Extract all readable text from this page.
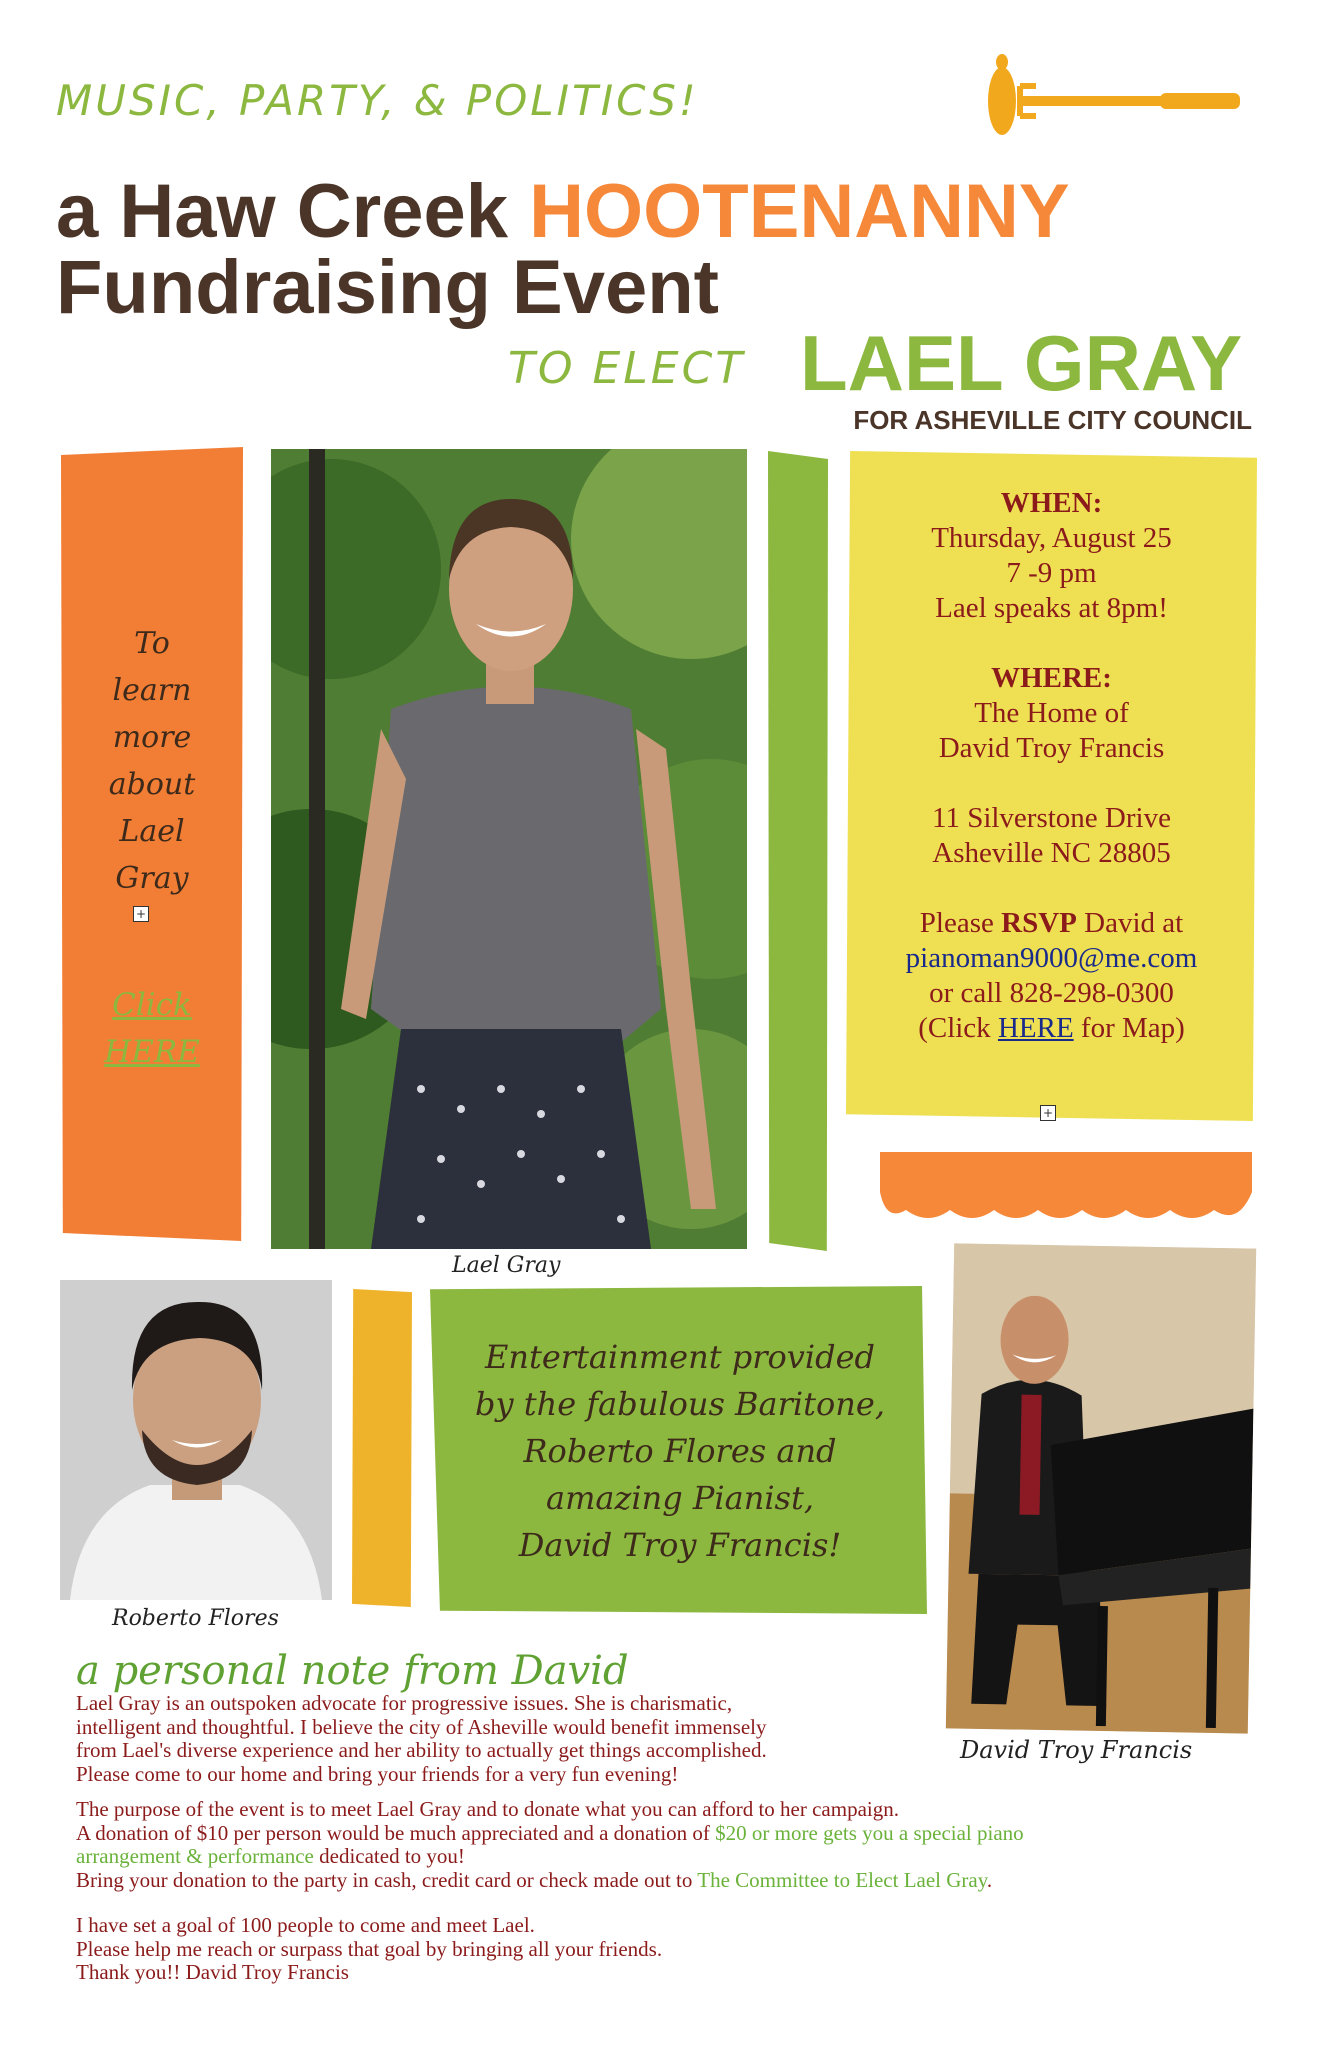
MUSIC, PARTY, & POLITICS!
a Haw Creek HOOTENANNY
Fundraising Event
TO ELECT LAEL GRAY
FOR ASHEVILLE CITY COUNCIL
To
learn
more
about
Lael
Gray
+
Click
HERE
Lael Gray
WHEN:
Thursday, August 25
7 -9 pm
Lael speaks at 8pm!
WHERE:
The Home of
David Troy Francis
11 Silverstone Drive
Asheville NC 28805
Please RSVP David at
pianoman9000@me.com
or call 828-298-0300
(Click HERE for Map)
+
Roberto Flores
Entertainment provided
by the fabulous Baritone,
Roberto Flores and
amazing Pianist,
David Troy Francis!
David Troy Francis
a personal note from David

Lael Gray is an outspoken advocate for progressive issues. She is charismatic,
intelligent and thoughtful. I believe the city of Asheville would benefit immensely
from Lael's diverse experience and her ability to actually get things accomplished.
Please come to our home and bring your friends for a very fun evening!

The purpose of the event is to meet Lael Gray and to donate what you can afford to her campaign.
A donation of $10 per person would be much appreciated and a donation of $20 or more gets you a special piano
arrangement & performance dedicated to you!
Bring your donation to the party in cash, credit card or check made out to The Committee to Elect Lael Gray.

I have set a goal of 100 people to come and meet Lael.
Please help me reach or surpass that goal by bringing all your friends.
Thank you!! David Troy Francis
